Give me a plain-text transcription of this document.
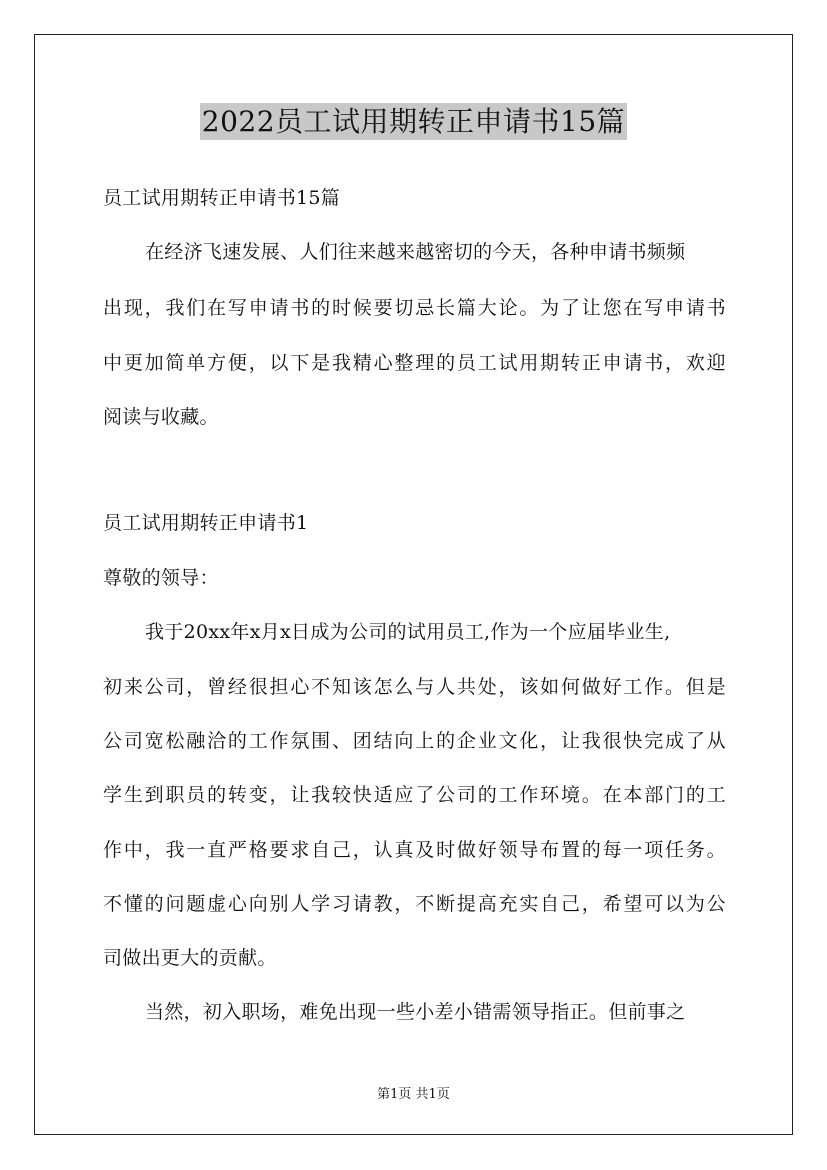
2022员工试用期转正申请书15篇
员工试用期转正申请书15篇
在经济飞速发展、人们往来越来越密切的今天，各种申请书频频
出现，我们在写申请书的时候要切忌长篇大论。为了让您在写申请书
中更加简单方便，以下是我精心整理的员工试用期转正申请书，欢迎
阅读与收藏。
员工试用期转正申请书1
尊敬的领导：
我于20xx年x月x日成为公司的试用员工,作为一个应届毕业生,
初来公司，曾经很担心不知该怎么与人共处，该如何做好工作。但是
公司宽松融洽的工作氛围、团结向上的企业文化，让我很快完成了从
学生到职员的转变，让我较快适应了公司的工作环境。在本部门的工
作中，我一直严格要求自己，认真及时做好领导布置的每一项任务。
不懂的问题虚心向别人学习请教，不断提高充实自己，希望可以为公
司做出更大的贡献。
当然，初入职场，难免出现一些小差小错需领导指正。但前事之
第1页 共1页
